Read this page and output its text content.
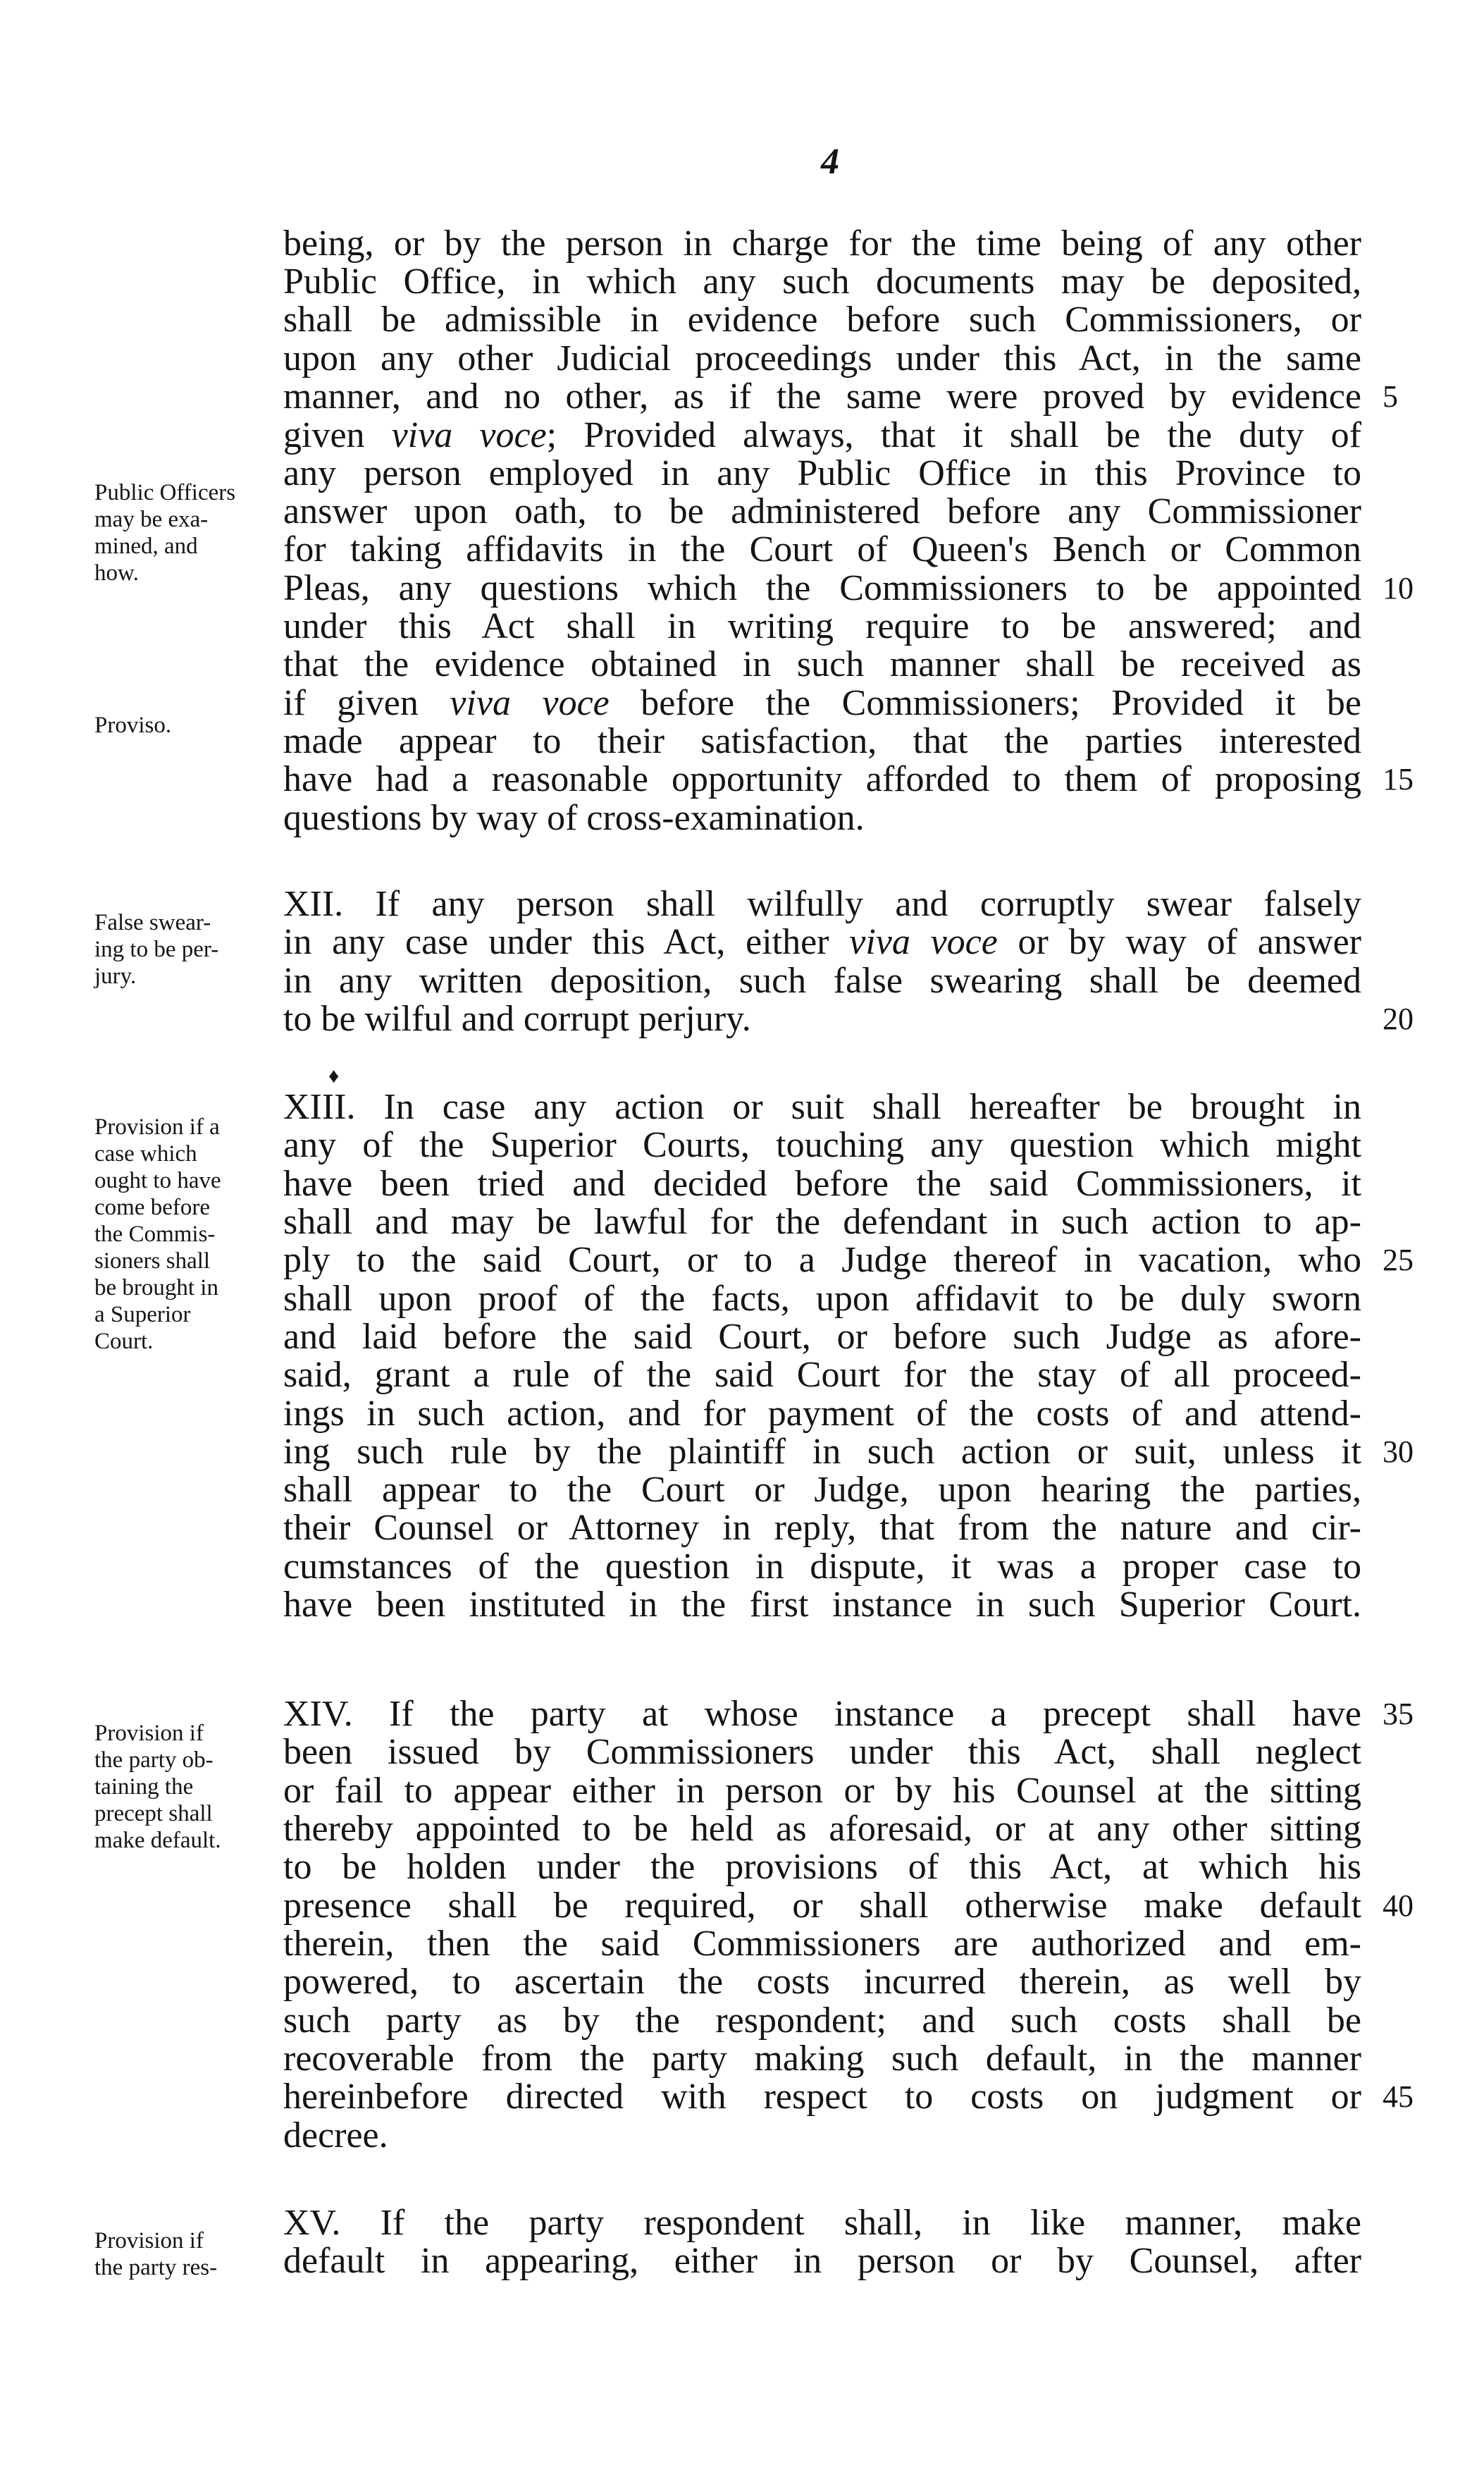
4
being, or by the person in charge for the time being of any other
Public Office, in which any such documents may be deposited,
shall be admissible in evidence before such Commissioners, or
upon any other Judicial proceedings under this Act, in the same
manner, and no other, as if the same were proved by evidence
given viva voce; Provided always, that it shall be the duty of
any person employed in any Public Office in this Province to
answer upon oath, to be administered before any Commissioner
for taking affidavits in the Court of Queen's Bench or Common
Pleas, any questions which the Commissioners to be appointed
under this Act shall in writing require to be answered; and
that the evidence obtained in such manner shall be received as
if given viva voce before the Commissioners; Provided it be
made appear to their satisfaction, that the parties interested
have had a reasonable opportunity afforded to them of proposing
questions by way of cross-examination.
XII. If any person shall wilfully and corruptly swear falsely
in any case under this Act, either viva voce or by way of answer
in any written deposition, such false swearing shall be deemed
to be wilful and corrupt perjury.
XIII. In case any action or suit shall hereafter be brought in
any of the Superior Courts, touching any question which might
have been tried and decided before the said Commissioners, it
shall and may be lawful for the defendant in such action to ap-
ply to the said Court, or to a Judge thereof in vacation, who
shall upon proof of the facts, upon affidavit to be duly sworn
and laid before the said Court, or before such Judge as afore-
said, grant a rule of the said Court for the stay of all proceed-
ings in such action, and for payment of the costs of and attend-
ing such rule by the plaintiff in such action or suit, unless it
shall appear to the Court or Judge, upon hearing the parties,
their Counsel or Attorney in reply, that from the nature and cir-
cumstances of the question in dispute, it was a proper case to
have been instituted in the first instance in such Superior Court.
XIV. If the party at whose instance a precept shall have
been issued by Commissioners under this Act, shall neglect
or fail to appear either in person or by his Counsel at the sitting
thereby appointed to be held as aforesaid, or at any other sitting
to be holden under the provisions of this Act, at which his
presence shall be required, or shall otherwise make default
therein, then the said Commissioners are authorized and em-
powered, to ascertain the costs incurred therein, as well by
such party as by the respondent; and such costs shall be
recoverable from the party making such default, in the manner
hereinbefore directed with respect to costs on judgment or
decree.
XV. If the party respondent shall, in like manner, make
default in appearing, either in person or by Counsel, after
5
10
15
20
25
30
35
40
45
Public Officers
may be exa-
mined, and
how.
Proviso.
False swear-
ing to be per-
jury.
Provision if a
case which
ought to have
come before
the Commis-
sioners shall
be brought in
a Superior
Court.
Provision if
the party ob-
taining the
precept shall
make default.
Provision if
the party res-
♦
